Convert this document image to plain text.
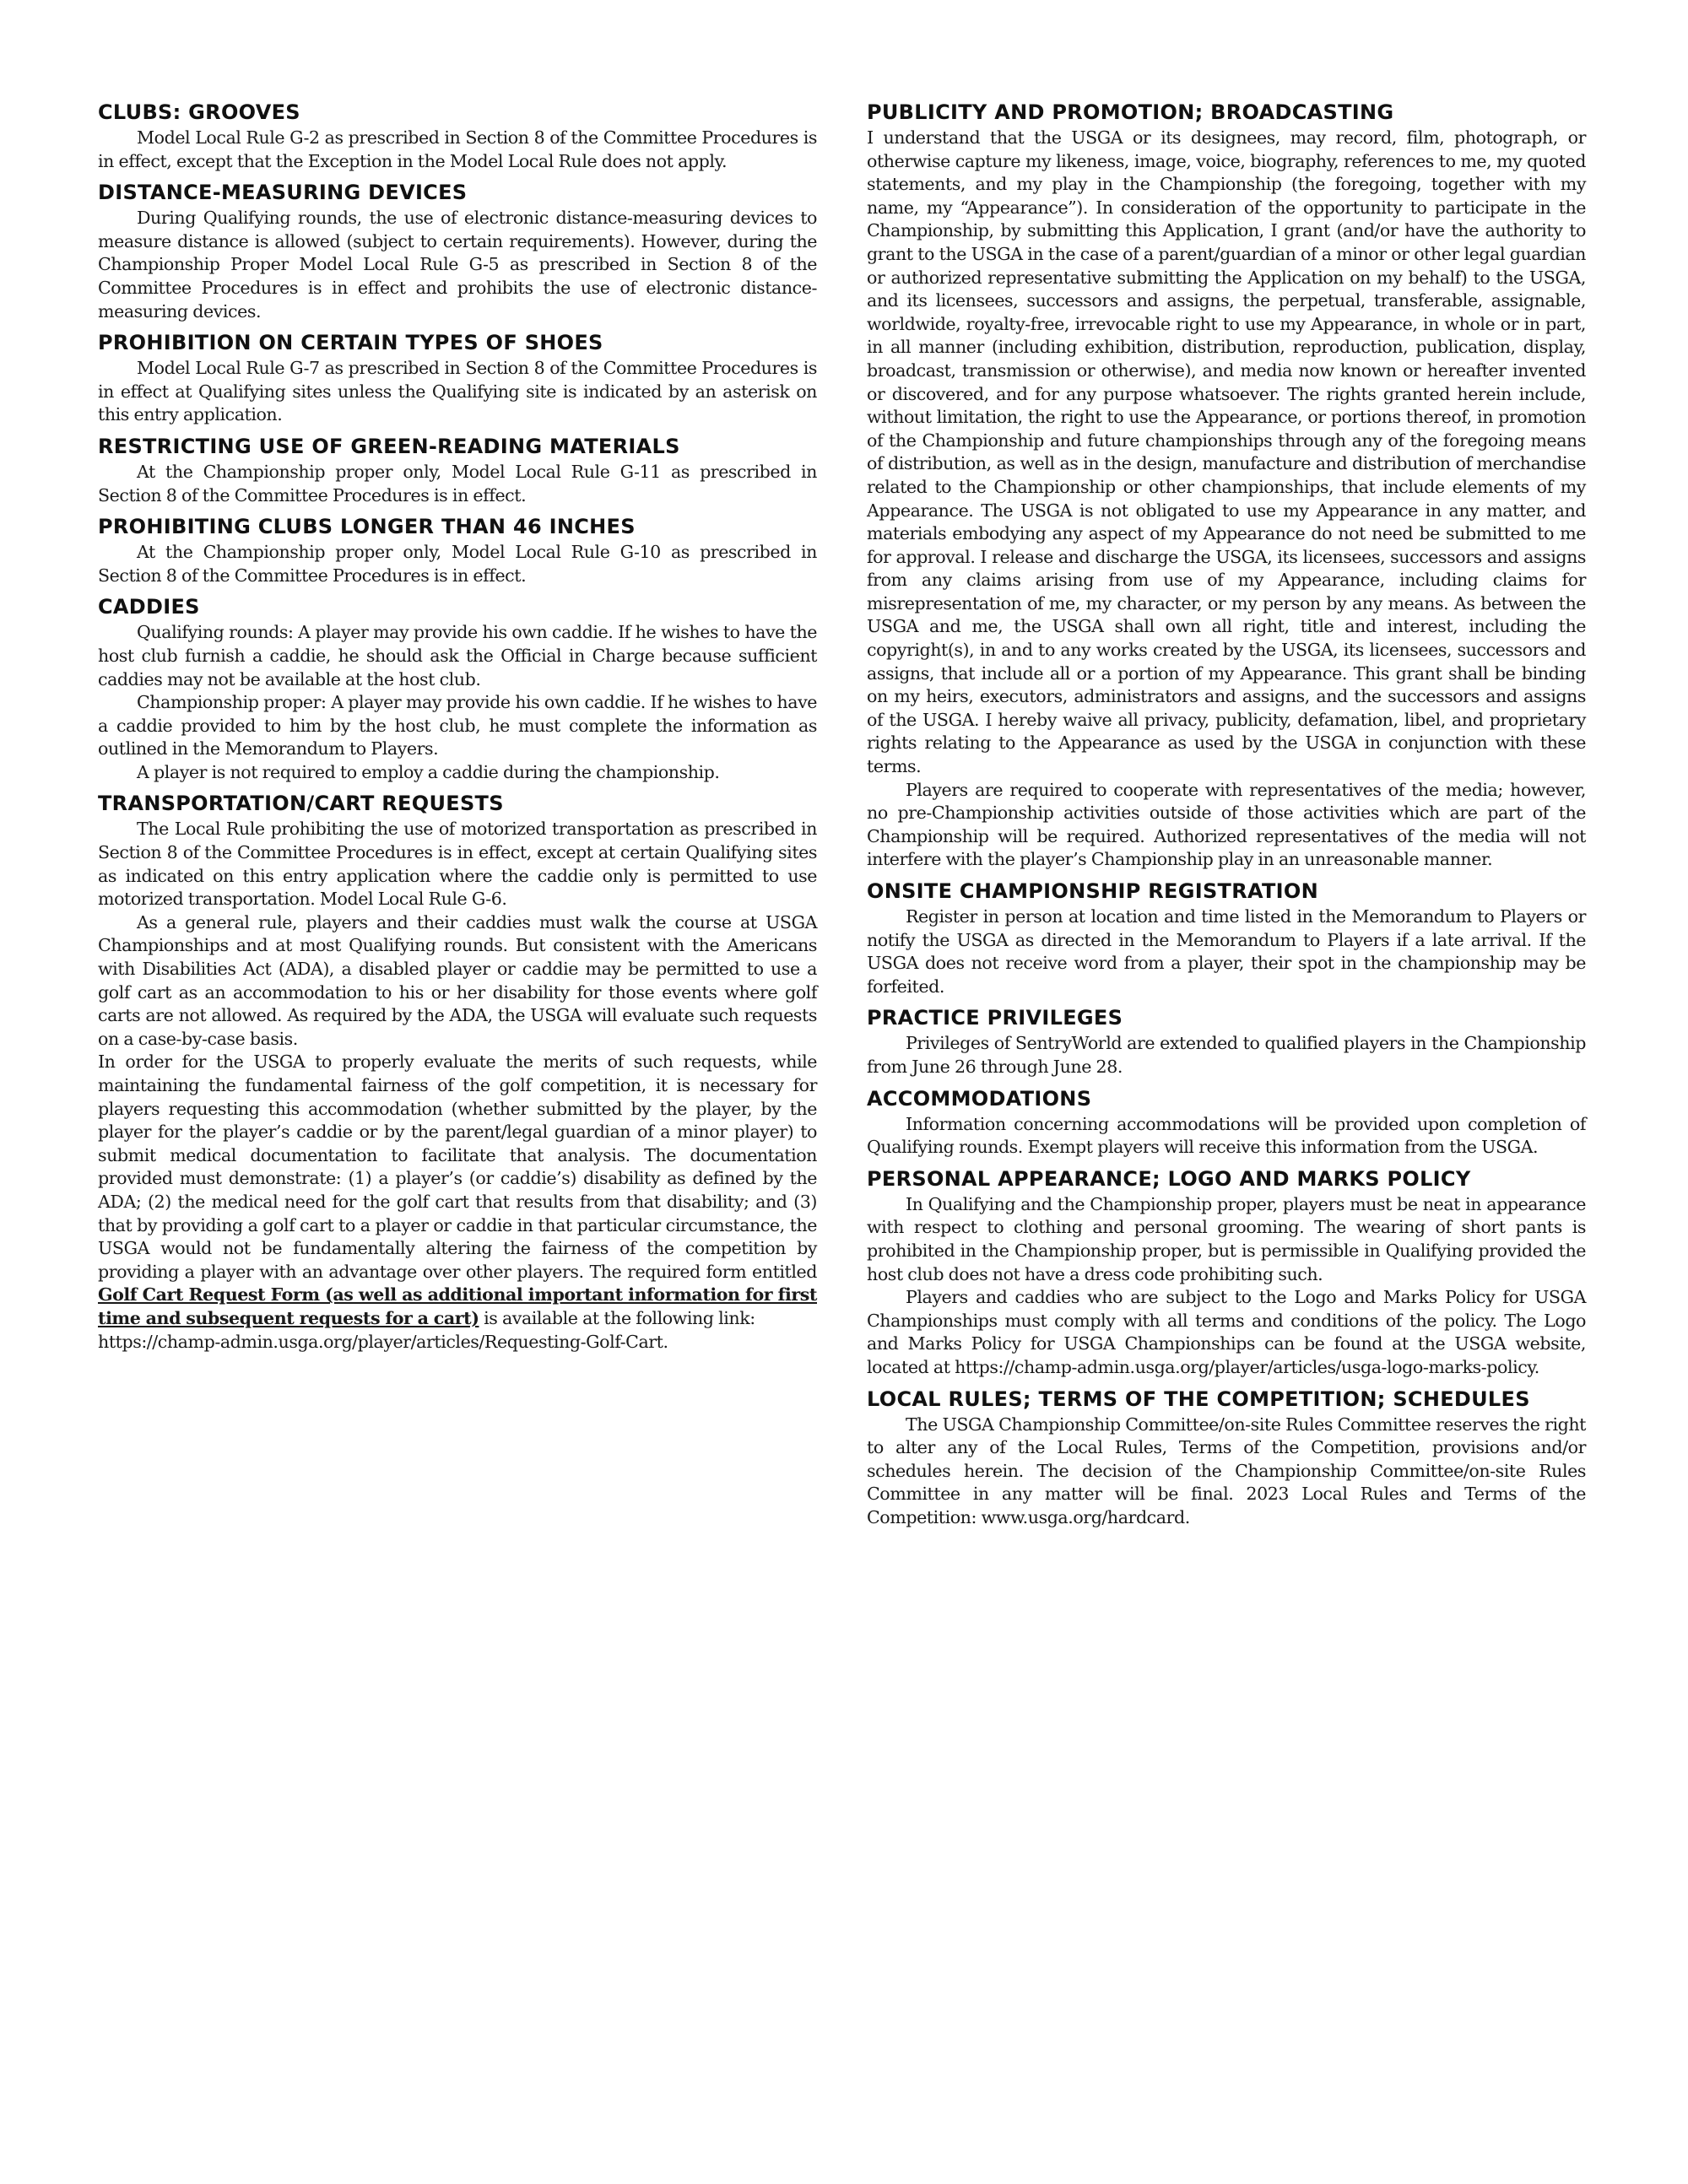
CLUBS: GROOVES

Model Local Rule G-2 as prescribed in Section 8 of the Committee Procedures is in effect, except that the Exception in the Model Local Rule does not apply.

DISTANCE-MEASURING DEVICES

During Qualifying rounds, the use of electronic distance-measuring devices to measure distance is allowed (subject to certain requirements). However, during the Championship Proper Model Local Rule G-5 as prescribed in Section 8 of the Committee Procedures is in effect and prohibits the use of electronic distance-measuring devices.

PROHIBITION ON CERTAIN TYPES OF SHOES

Model Local Rule G-7 as prescribed in Section 8 of the Committee Procedures is in effect at Qualifying sites unless the Qualifying site is indicated by an asterisk on this entry application.

RESTRICTING USE OF GREEN-READING MATERIALS

At the Championship proper only, Model Local Rule G-11 as prescribed in Section 8 of the Committee Procedures is in effect.

PROHIBITING CLUBS LONGER THAN 46 INCHES

At the Championship proper only, Model Local Rule G-10 as prescribed in Section 8 of the Committee Procedures is in effect.

CADDIES

Qualifying rounds: A player may provide his own caddie. If he wishes to have the host club furnish a caddie, he should ask the Official in Charge because sufficient caddies may not be available at the host club.

Championship proper: A player may provide his own caddie. If he wishes to have a caddie provided to him by the host club, he must complete the information as outlined in the Memorandum to Players.

A player is not required to employ a caddie during the championship.

TRANSPORTATION/CART REQUESTS

The Local Rule prohibiting the use of motorized transportation as prescribed in Section 8 of the Committee Procedures is in effect, except at certain Qualifying sites as indicated on this entry application where the caddie only is permitted to use motorized transportation. Model Local Rule G-6.

As a general rule, players and their caddies must walk the course at USGA Championships and at most Qualifying rounds. But consistent with the Americans with Disabilities Act (ADA), a disabled player or caddie may be permitted to use a golf cart as an accommodation to his or her disability for those events where golf carts are not allowed. As required by the ADA, the USGA will evaluate such requests on a case-by-case basis.

In order for the USGA to properly evaluate the merits of such requests, while maintaining the fundamental fairness of the golf competition, it is necessary for players requesting this accommodation (whether submitted by the player, by the player for the player’s caddie or by the parent/legal guardian of a minor player) to submit medical documentation to facilitate that analysis. The documentation provided must demonstrate: (1) a player’s (or caddie’s) disability as defined by the ADA; (2) the medical need for the golf cart that results from that disability; and (3) that by providing a golf cart to a player or caddie in that particular circumstance, the USGA would not be fundamentally altering the fairness of the competition by providing a player with an advantage over other players. The required form entitled Golf Cart Request Form (as well as additional important information for first time and subsequent requests for a cart) is available at the following link:

https://champ-admin.usga.org/player/articles/Requesting-Golf-Cart.

PUBLICITY AND PROMOTION; BROADCASTING

I understand that the USGA or its designees, may record, film, photograph, or otherwise capture my likeness, image, voice, biography, references to me, my quoted statements, and my play in the Championship (the foregoing, together with my name, my “Appearance”). In consideration of the opportunity to participate in the Championship, by submitting this Application, I grant (and/or have the authority to grant to the USGA in the case of a parent/guardian of a minor or other legal guardian or authorized representative submitting the Application on my behalf) to the USGA, and its licensees, successors and assigns, the perpetual, transferable, assignable, worldwide, royalty-free, irrevocable right to use my Appearance, in whole or in part, in all manner (including exhibition, distribution, reproduction, publication, display, broadcast, transmission or otherwise), and media now known or hereafter invented or discovered, and for any purpose whatsoever. The rights granted herein include, without limitation, the right to use the Appearance, or portions thereof, in promotion of the Championship and future championships through any of the foregoing means of distribution, as well as in the design, manufacture and distribution of merchandise related to the Championship or other championships, that include elements of my Appearance. The USGA is not obligated to use my Appearance in any matter, and materials embodying any aspect of my Appearance do not need be submitted to me for approval. I release and discharge the USGA, its licensees, successors and assigns from any claims arising from use of my Appearance, including claims for misrepresentation of me, my character, or my person by any means. As between the USGA and me, the USGA shall own all right, title and interest, including the copyright(s), in and to any works created by the USGA, its licensees, successors and assigns, that include all or a portion of my Appearance. This grant shall be binding on my heirs, executors, administrators and assigns, and the successors and assigns of the USGA. I hereby waive all privacy, publicity, defamation, libel, and proprietary rights relating to the Appearance as used by the USGA in conjunction with these terms.

Players are required to cooperate with representatives of the media; however, no pre-Championship activities outside of those activities which are part of the Championship will be required. Authorized representatives of the media will not interfere with the player’s Championship play in an unreasonable manner.

ONSITE CHAMPIONSHIP REGISTRATION

Register in person at location and time listed in the Memorandum to Players or notify the USGA as directed in the Memorandum to Players if a late arrival. If the USGA does not receive word from a player, their spot in the championship may be forfeited.

PRACTICE PRIVILEGES

Privileges of SentryWorld are extended to qualified players in the Championship from June 26 through June 28.

ACCOMMODATIONS

Information concerning accommodations will be provided upon completion of Qualifying rounds. Exempt players will receive this information from the USGA.

PERSONAL APPEARANCE; LOGO AND MARKS POLICY

In Qualifying and the Championship proper, players must be neat in appearance with respect to clothing and personal grooming. The wearing of short pants is prohibited in the Championship proper, but is permissible in Qualifying provided the host club does not have a dress code prohibiting such.

Players and caddies who are subject to the Logo and Marks Policy for USGA Championships must comply with all terms and conditions of the policy. The Logo and Marks Policy for USGA Championships can be found at the USGA website, located at https://champ-admin.usga.org/player/articles/usga-logo-marks-policy.

LOCAL RULES; TERMS OF THE COMPETITION; SCHEDULES

The USGA Championship Committee/on-site Rules Committee reserves the right to alter any of the Local Rules, Terms of the Competition, provisions and/or schedules herein. The decision of the Championship Committee/on-site Rules Committee in any matter will be final. 2023 Local Rules and Terms of the Competition: www.usga.org/hardcard.
